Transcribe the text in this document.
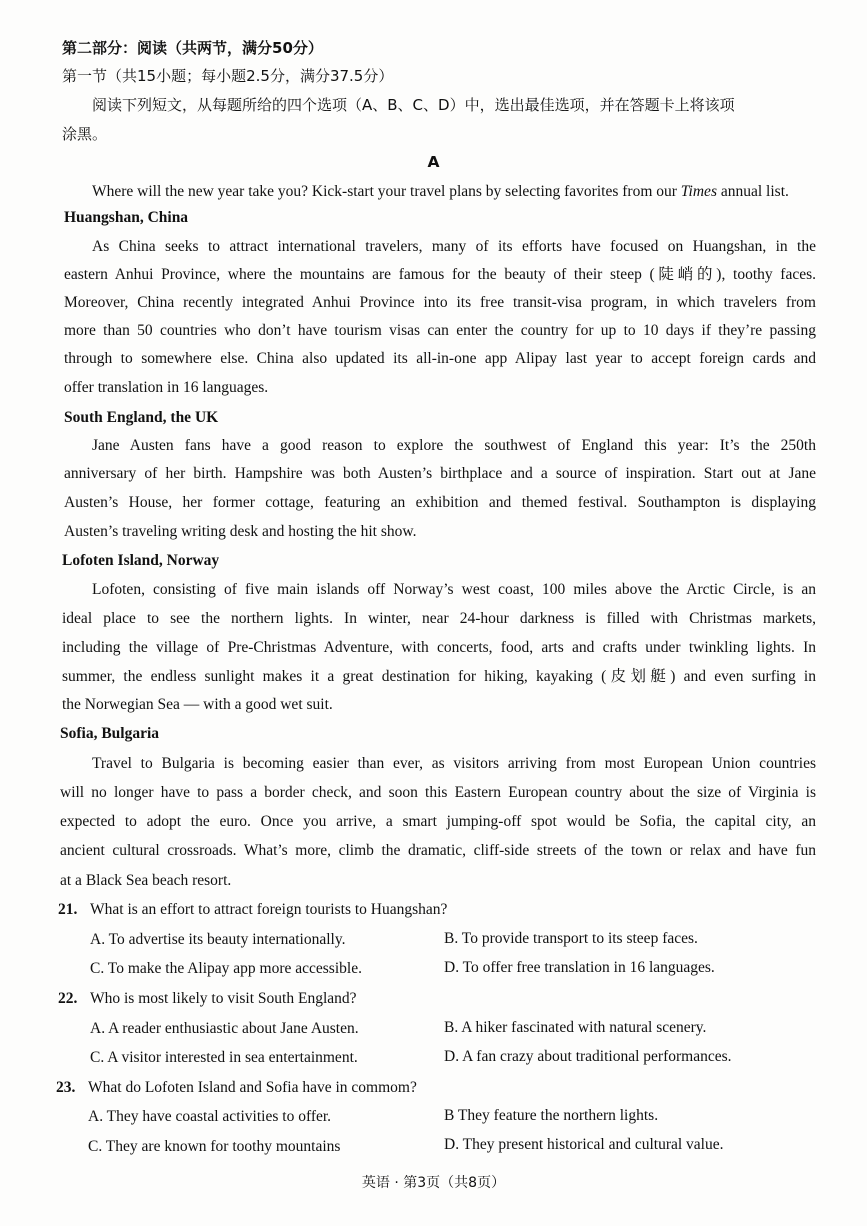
第二部分：阅读（共两节，满分50分）
第一节（共15小题；每小题2.5分，满分37.5分）
阅读下列短文，从每题所给的四个选项（A、B、C、D）中，选出最佳选项，并在答题卡上将该项
涂黑。
A
Where will the new year take you? Kick-start your travel plans by selecting favorites from our Times annual list.
Huangshan, China
As China seeks to attract international travelers, many of its efforts have focused on Huangshan, in the
eastern Anhui Province, where the mountains are famous for the beauty of their steep (陡峭的), toothy faces.
Moreover, China recently integrated Anhui Province into its free transit-visa program, in which travelers from
more than 50 countries who don’t have tourism visas can enter the country for up to 10 days if they’re passing
through to somewhere else. China also updated its all-in-one app Alipay last year to accept foreign cards and
offer translation in 16 languages.
South England, the UK
Jane Austen fans have a good reason to explore the southwest of England this year: It’s the 250th
anniversary of her birth. Hampshire was both Austen’s birthplace and a source of inspiration. Start out at Jane
Austen’s House, her former cottage, featuring an exhibition and themed festival. Southampton is displaying
Austen’s traveling writing desk and hosting the hit show.
Lofoten Island, Norway
Lofoten, consisting of five main islands off Norway’s west coast, 100 miles above the Arctic Circle, is an
ideal place to see the northern lights. In winter, near 24-hour darkness is filled with Christmas markets,
including the village of Pre-Christmas Adventure, with concerts, food, arts and crafts under twinkling lights. In
summer, the endless sunlight makes it a great destination for hiking, kayaking (皮划艇) and even surfing in
the Norwegian Sea — with a good wet suit.
Sofia, Bulgaria
Travel to Bulgaria is becoming easier than ever, as visitors arriving from most European Union countries
will no longer have to pass a border check, and soon this Eastern European country about the size of Virginia is
expected to adopt the euro. Once you arrive, a smart jumping-off spot would be Sofia, the capital city, an
ancient cultural crossroads. What’s more, climb the dramatic, cliff-side streets of the town or relax and have fun
at a Black Sea beach resort.
21. What is an effort to attract foreign tourists to Huangshan?
A. To advertise its beauty internationally.	B. To provide transport to its steep faces.
C. To make the Alipay app more accessible.	D. To offer free translation in 16 languages.
22. Who is most likely to visit South England?
A. A reader enthusiastic about Jane Austen.	B. A hiker fascinated with natural scenery.
C. A visitor interested in sea entertainment.	D. A fan crazy about traditional performances.
23. What do Lofoten Island and Sofia have in commom?
A. They have coastal activities to offer.	B They feature the northern lights.
C. They are known for toothy mountains	D. They present historical and cultural value.
英语 · 第3页（共8页）
